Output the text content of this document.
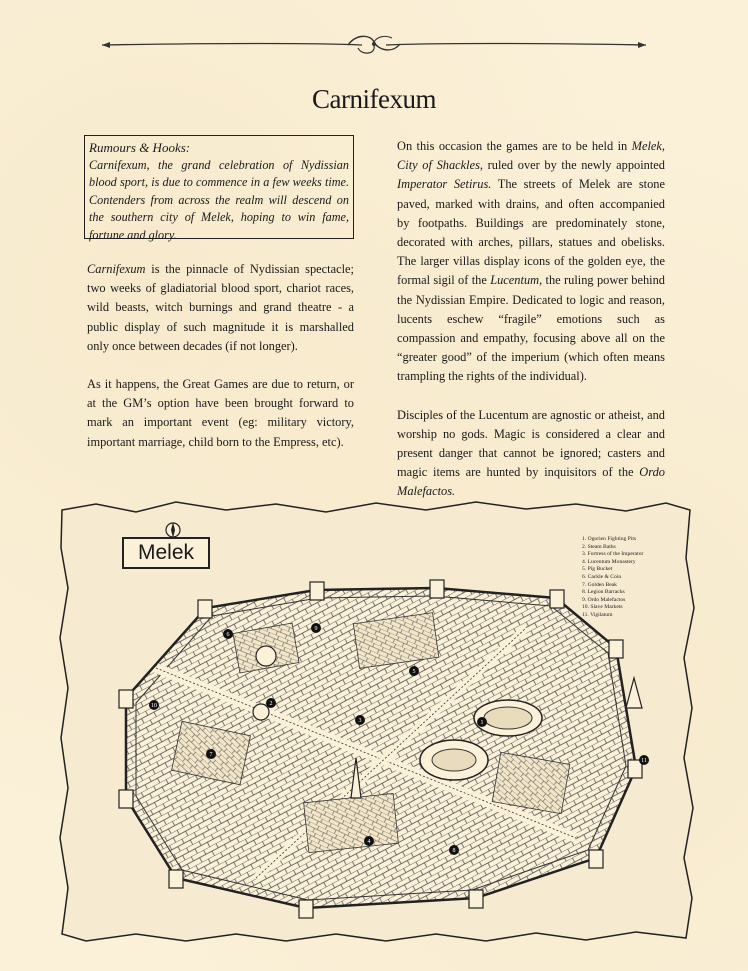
Carnifexum
Rumours & Hooks:
Carnifexum, the grand celebration of Nydissian blood sport, is due to commence in a few weeks time. Contenders from across the realm will descend on the southern city of Melek, hoping to win fame, fortune and glory.

Carnifexum is the pinnacle of Nydissian spectacle; two weeks of gladiatorial blood sport, chariot races, wild beasts, witch burnings and grand theatre - a public display of such magnitude it is marshalled only once between decades (if not longer).

As it happens, the Great Games are due to return, or at the GM’s option have been brought forward to mark an important event (eg: military victory, important marriage, child born to the Empress, etc).

On this occasion the games are to be held in Melek, City of Shackles, ruled over by the newly appointed Imperator Setirus. The streets of Melek are stone paved, marked with drains, and often accompanied by footpaths. Buildings are predominately stone, decorated with arches, pillars, statues and obelisks. The larger villas display icons of the golden eye, the formal sigil of the Lucentum, the ruling power behind the Nydissian Empire. Dedicated to logic and reason, lucents eschew “fragile” emotions such as compassion and empathy, focusing above all on the “greater good” of the imperium (which often means trampling the rights of the individual).

Disciples of the Lucentum are agnostic or atheist, and worship no gods. Magic is considered a clear and present danger that cannot be ignored; casters and magic items are hunted by inquisitors of the Ordo Malefactos.

1
2
3
4
5
6
7
8
9
10
11
Melek
1. Ogorien Fighting Pits
2. Steam Baths
3. Fortress of the Imperator
4. Lucentum Monastery
5. Pig Bucket
6. Cackle & Coin
7. Golden Beak
8. Legion Barracks
9. Ordo Malefactos
10. Slave Markets
11. Vigilatum
